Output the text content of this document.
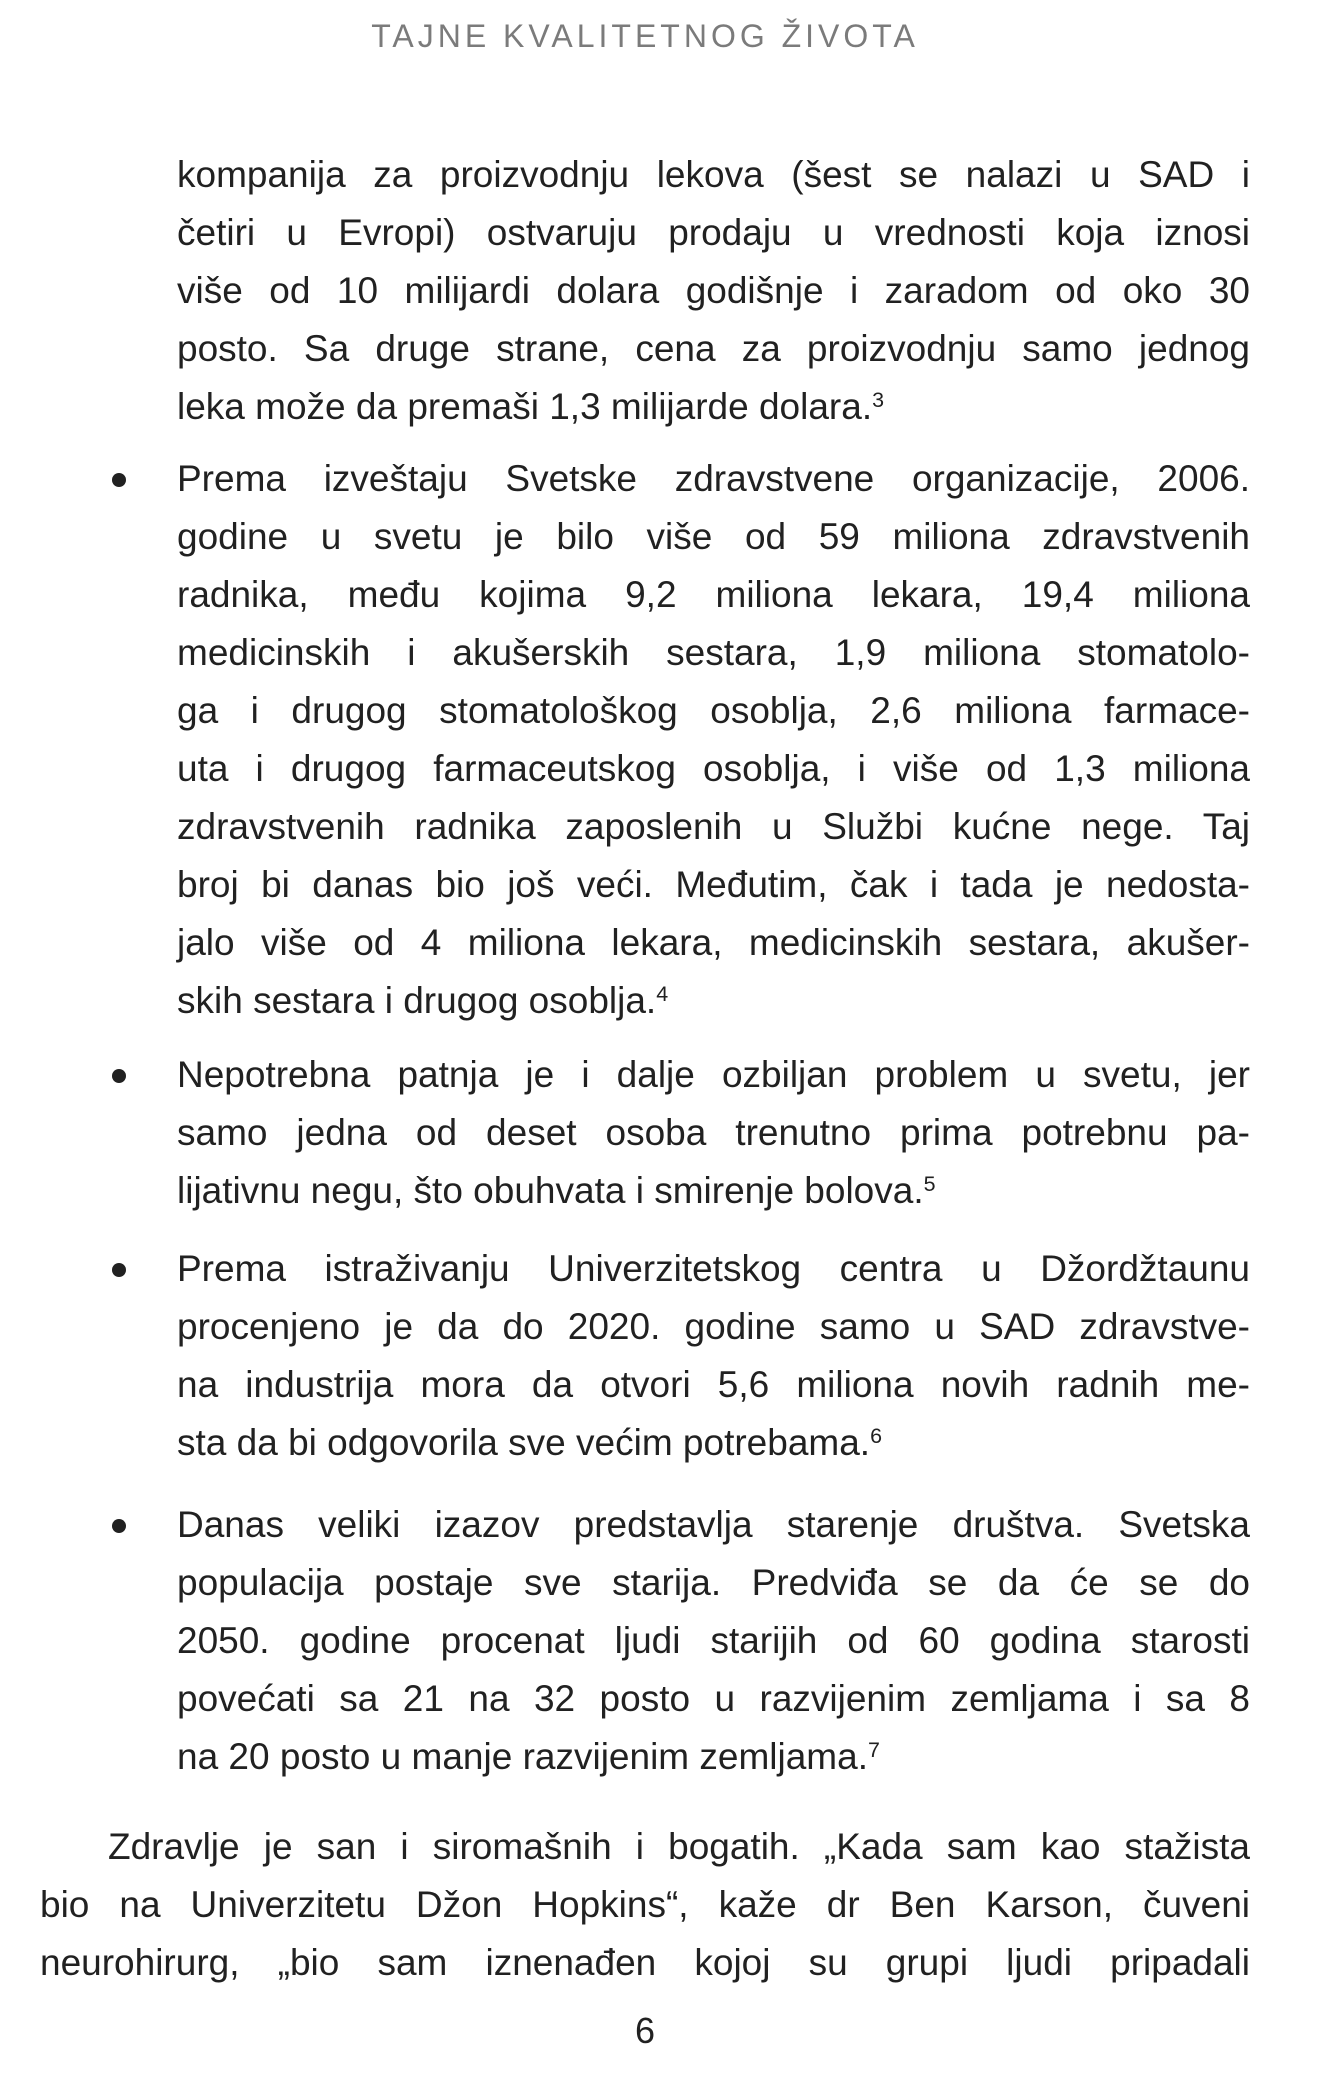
TAJNE KVALITETNOG ŽIVOTA
kompanija za proizvodnju lekova (šest se nalazi u SAD i
četiri u Evropi) ostvaruju prodaju u vrednosti koja iznosi
više od 10 milijardi dolara godišnje i zaradom od oko 30
posto. Sa druge strane, cena za proizvodnju samo jednog
leka može da premaši 1,3 milijarde dolara.$^3$
Prema izveštaju Svetske zdravstvene organizacije, 2006.
godine u svetu je bilo više od 59 miliona zdravstvenih
radnika, među kojima 9,2 miliona lekara, 19,4 miliona
medicinskih i akušerskih sestara, 1,9 miliona stomatolo-
ga i drugog stomatološkog osoblja, 2,6 miliona farmace-
uta i drugog farmaceutskog osoblja, i više od 1,3 miliona
zdravstvenih radnika zaposlenih u Službi kućne nege. Taj
broj bi danas bio još veći. Međutim, čak i tada je nedosta-
jalo više od 4 miliona lekara, medicinskih sestara, akušer-
skih sestara i drugog osoblja.$^4$
Nepotrebna patnja je i dalje ozbiljan problem u svetu, jer
samo jedna od deset osoba trenutno prima potrebnu pa-
lijativnu negu, što obuhvata i smirenje bolova.$^5$
Prema istraživanju Univerzitetskog centra u Džordžtaunu
procenjeno je da do 2020. godine samo u SAD zdravstve-
na industrija mora da otvori 5,6 miliona novih radnih me-
sta da bi odgovorila sve većim potrebama.$^6$
Danas veliki izazov predstavlja starenje društva. Svetska
populacija postaje sve starija. Predviđa se da će se do
2050. godine procenat ljudi starijih od 60 godina starosti
povećati sa 21 na 32 posto u razvijenim zemljama i sa 8
na 20 posto u manje razvijenim zemljama.$^7$
Zdravlje je san i siromašnih i bogatih. „Kada sam kao stažista
bio na Univerzitetu Džon Hopkins“, kaže dr Ben Karson, čuveni
neurohirurg, „bio sam iznenađen kojoj su grupi ljudi pripadali
6
